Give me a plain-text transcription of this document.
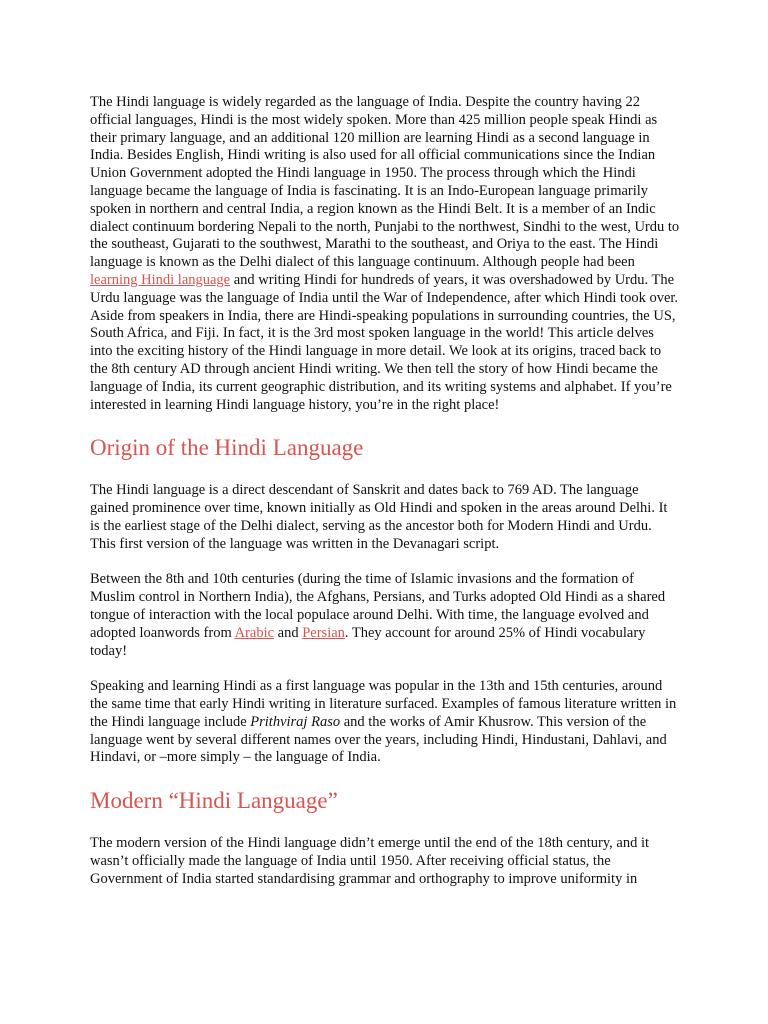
The Hindi language is widely regarded as the language of India. Despite the country having 22 official languages, Hindi is the most widely spoken. More than 425 million people speak Hindi as their primary language, and an additional 120 million are learning Hindi as a second language in India. Besides English, Hindi writing is also used for all official communications since the Indian Union Government adopted the Hindi language in 1950. The process through which the Hindi language became the language of India is fascinating. It is an Indo-European language primarily spoken in northern and central India, a region known as the Hindi Belt. It is a member of an Indic dialect continuum bordering Nepali to the north, Punjabi to the northwest, Sindhi to the west, Urdu to the southeast, Gujarati to the southwest, Marathi to the southeast, and Oriya to the east. The Hindi language is known as the Delhi dialect of this language continuum. Although people had been learning Hindi language and writing Hindi for hundreds of years, it was overshadowed by Urdu. The Urdu language was the language of India until the War of Independence, after which Hindi took over. Aside from speakers in India, there are Hindi-speaking populations in surrounding countries, the US, South Africa, and Fiji. In fact, it is the 3rd most spoken language in the world! This article delves into the exciting history of the Hindi language in more detail. We look at its origins, traced back to the 8th century AD through ancient Hindi writing. We then tell the story of how Hindi became the language of India, its current geographic distribution, and its writing systems and alphabet. If you’re interested in learning Hindi language history, you’re in the right place!

Origin of the Hindi Language

The Hindi language is a direct descendant of Sanskrit and dates back to 769 AD. The language gained prominence over time, known initially as Old Hindi and spoken in the areas around Delhi. It is the earliest stage of the Delhi dialect, serving as the ancestor both for Modern Hindi and Urdu. This first version of the language was written in the Devanagari script.

Between the 8th and 10th centuries (during the time of Islamic invasions and the formation of Muslim control in Northern India), the Afghans, Persians, and Turks adopted Old Hindi as a shared tongue of interaction with the local populace around Delhi. With time, the language evolved and adopted loanwords from Arabic and Persian. They account for around 25% of Hindi vocabulary today!

Speaking and learning Hindi as a first language was popular in the 13th and 15th centuries, around the same time that early Hindi writing in literature surfaced. Examples of famous literature written in the Hindi language include Prithviraj Raso and the works of Amir Khusrow. This version of the language went by several different names over the years, including Hindi, Hindustani, Dahlavi, and Hindavi, or –more simply – the language of India.

Modern “Hindi Language”

The modern version of the Hindi language didn’t emerge until the end of the 18th century, and it wasn’t officially made the language of India until 1950. After receiving official status, the Government of India started standardising grammar and orthography to improve uniformity in
